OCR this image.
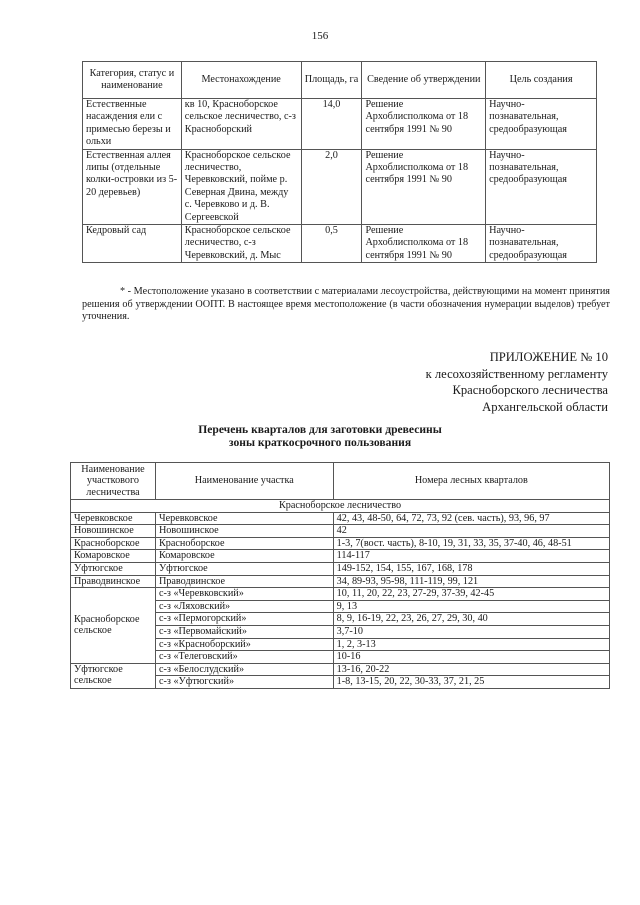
156
Категория, статус и наименование	Местонахождение	Площадь, га	Сведение об утверждении	Цель создания
Естественные насаждения ели с примесью березы и ольхи	кв 10, Красноборское сельское лесничество, с-з Красноборский	14,0	Решение Архоблисполкома от 18 сентября 1991 № 90	Научно-познавательная, средообразующая
Естественная аллея липы (отдельные колки-островки из 5-20 деревьев)	Красноборское сельское лесничество, Черевковский, пойме р. Северная Двина, между с. Черевково и д. В. Сергеевской	2,0	Решение Архоблисполкома от 18 сентября 1991 № 90	Научно-познавательная, средообразующая
Кедровый сад	Красноборское сельское лесничество, с-з Черевковский, д. Мыс	0,5	Решение Архоблисполкома от 18 сентября 1991 № 90	Научно-познавательная, средообразующая
* - Местоположение указано в соответствии с материалами лесоустройства, действующими на момент принятия решения об утверждении ООПТ. В настоящее время местоположение (в части обозначения нумерации выделов) требует уточнения.
ПРИЛОЖЕНИЕ № 10
к лесохозяйственному регламенту
Красноборского лесничества
Архангельской области
Перечень кварталов для заготовки древесины
зоны краткосрочного пользования
Наименование участкового лесничества	Наименование участка	Номера лесных кварталов
Красноборское лесничество		
Черевковское	Черевковское	42, 43, 48-50, 64, 72, 73, 92 (сев. часть), 93, 96, 97
Новошинское	Новошинское	42
Красноборское	Красноборское	1-3, 7(вост. часть), 8-10, 19, 31, 33, 35, 37-40, 46, 48-51
Комаровское	Комаровское	114-117
Уфтюгское	Уфтюгское	149-152, 154, 155, 167, 168, 178
Праводвинское	Праводвинское	34, 89-93, 95-98, 111-119, 99, 121
Красноборское сельское	с-з «Черевковский»	10, 11, 20, 22, 23, 27-29, 37-39, 42-45
	с-з «Ляховский»	9, 13
	с-з «Пермогорский»	8, 9, 16-19, 22, 23, 26, 27, 29, 30, 40
	с-з «Первомайский»	3,7-10
	с-з «Красноборский»	1, 2, 3-13
	с-з «Телеговский»	10-16
Уфтюгское сельское	с-з «Белослудский»	13-16, 20-22
	с-з «Уфтюгский»	1-8, 13-15, 20, 22, 30-33, 37, 21, 25
